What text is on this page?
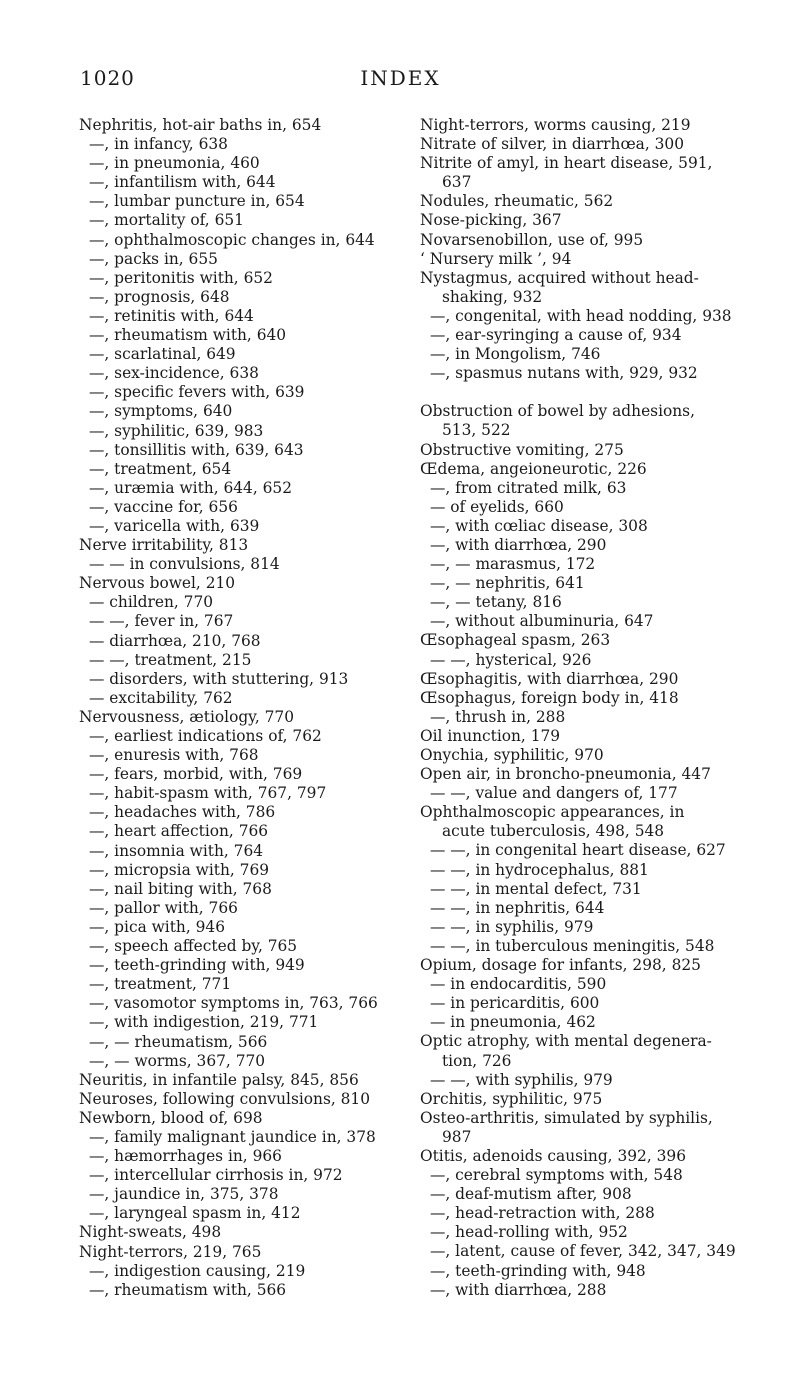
1020	INDEX
Nephritis, hot-air baths in, 654
—, in infancy, 638
—, in pneumonia, 460
—, infantilism with, 644
—, lumbar puncture in, 654
—, mortality of, 651
—, ophthalmoscopic changes in, 644
—, packs in, 655
—, peritonitis with, 652
—, prognosis, 648
—, retinitis with, 644
—, rheumatism with, 640
—, scarlatinal, 649
—, sex-incidence, 638
—, specific fevers with, 639
—, symptoms, 640
—, syphilitic, 639, 983
—, tonsillitis with, 639, 643
—, treatment, 654
—, uræmia with, 644, 652
—, vaccine for, 656
—, varicella with, 639
Nerve irritability, 813
— — in convulsions, 814
Nervous bowel, 210
— children, 770
— —, fever in, 767
— diarrhœa, 210, 768
— —, treatment, 215
— disorders, with stuttering, 913
— excitability, 762
Nervousness, ætiology, 770
—, earliest indications of, 762
—, enuresis with, 768
—, fears, morbid, with, 769
—, habit-spasm with, 767, 797
—, headaches with, 786
—, heart affection, 766
—, insomnia with, 764
—, micropsia with, 769
—, nail biting with, 768
—, pallor with, 766
—, pica with, 946
—, speech affected by, 765
—, teeth-grinding with, 949
—, treatment, 771
—, vasomotor symptoms in, 763, 766
—, with indigestion, 219, 771
—, — rheumatism, 566
—, — worms, 367, 770
Neuritis, in infantile palsy, 845, 856
Neuroses, following convulsions, 810
Newborn, blood of, 698
—, family malignant jaundice in, 378
—, hæmorrhages in, 966
—, intercellular cirrhosis in, 972
—, jaundice in, 375, 378
—, laryngeal spasm in, 412
Night-sweats, 498
Night-terrors, 219, 765
—, indigestion causing, 219
—, rheumatism with, 566
Night-terrors, worms causing, 219
Nitrate of silver, in diarrhœa, 300
Nitrite of amyl, in heart disease, 591,
637
Nodules, rheumatic, 562
Nose-picking, 367
Novarsenobillon, use of, 995
‘ Nursery milk ’, 94
Nystagmus, acquired without head-
shaking, 932
—, congenital, with head nodding, 938
—, ear-syringing a cause of, 934
—, in Mongolism, 746
—, spasmus nutans with, 929, 932
Obstruction of bowel by adhesions,
513, 522
Obstructive vomiting, 275
Œdema, angeioneurotic, 226
—, from citrated milk, 63
— of eyelids, 660
—, with cœliac disease, 308
—, with diarrhœa, 290
—, — marasmus, 172
—, — nephritis, 641
—, — tetany, 816
—, without albuminuria, 647
Œsophageal spasm, 263
— —, hysterical, 926
Œsophagitis, with diarrhœa, 290
Œsophagus, foreign body in, 418
—, thrush in, 288
Oil inunction, 179
Onychia, syphilitic, 970
Open air, in broncho-pneumonia, 447
— —, value and dangers of, 177
Ophthalmoscopic appearances, in
acute tuberculosis, 498, 548
— —, in congenital heart disease, 627
— —, in hydrocephalus, 881
— —, in mental defect, 731
— —, in nephritis, 644
— —, in syphilis, 979
— —, in tuberculous meningitis, 548
Opium, dosage for infants, 298, 825
— in endocarditis, 590
— in pericarditis, 600
— in pneumonia, 462
Optic atrophy, with mental degenera-
tion, 726
— —, with syphilis, 979
Orchitis, syphilitic, 975
Osteo-arthritis, simulated by syphilis,
987
Otitis, adenoids causing, 392, 396
—, cerebral symptoms with, 548
—, deaf-mutism after, 908
—, head-retraction with, 288
—, head-rolling with, 952
—, latent, cause of fever, 342, 347, 349
—, teeth-grinding with, 948
—, with diarrhœa, 288
